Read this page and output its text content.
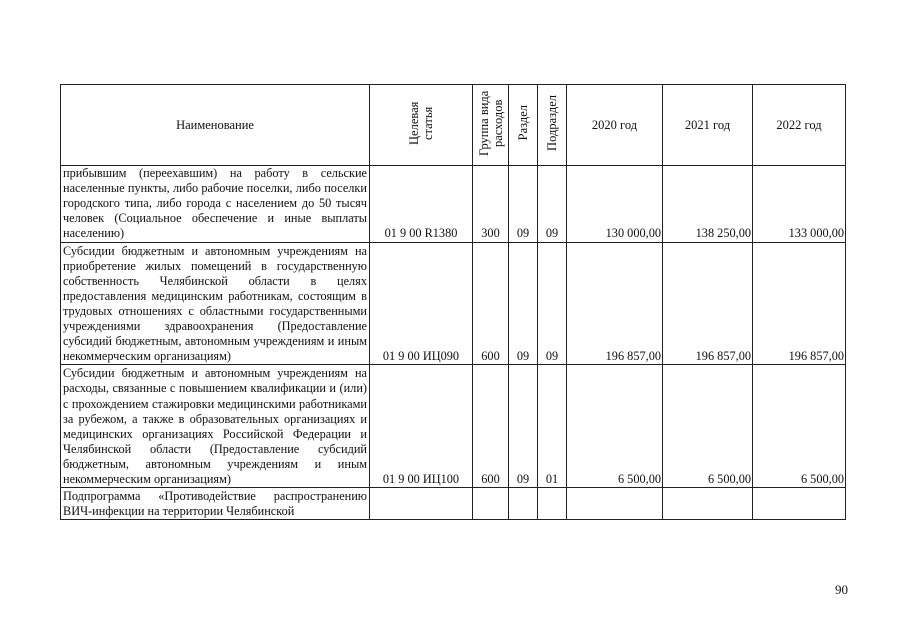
Наименование	Целевая статья	Группа вида расходов	Раздел	Подраздел	2020 год	2021 год	2022 год
прибывшим (переехавшим) на работу в сельские населенные пункты, либо рабочие поселки, либо поселки городского типа, либо города с населением до 50 тысяч человек (Социальное обеспечение и иные выплаты населению)	01 9 00 R1380	300	09	09	130 000,00	138 250,00	133 000,00
Субсидии бюджетным и автономным учреждениям на приобретение жилых помещений в государственную собственность Челябинской области в целях предоставления медицинским работникам, состоящим в трудовых отношениях с областными государственными учреждениями здравоохранения (Предоставление субсидий бюджетным, автономным учреждениям и иным некоммерческим организациям)	01 9 00 ИЦ090	600	09	09	196 857,00	196 857,00	196 857,00
Субсидии бюджетным и автономным учреждениям на расходы, связанные с повышением квалификации и (или) с прохождением стажировки медицинскими работниками за рубежом, а также в образовательных организациях и медицинских организациях Российской Федерации и Челябинской области (Предоставление субсидий бюджетным, автономным учреждениям и иным некоммерческим организациям)	01 9 00 ИЦ100	600	09	01	6 500,00	6 500,00	6 500,00

Подпрограмма «Противодействие распространению ВИЧ-инфекции на территории Челябинской							

90
